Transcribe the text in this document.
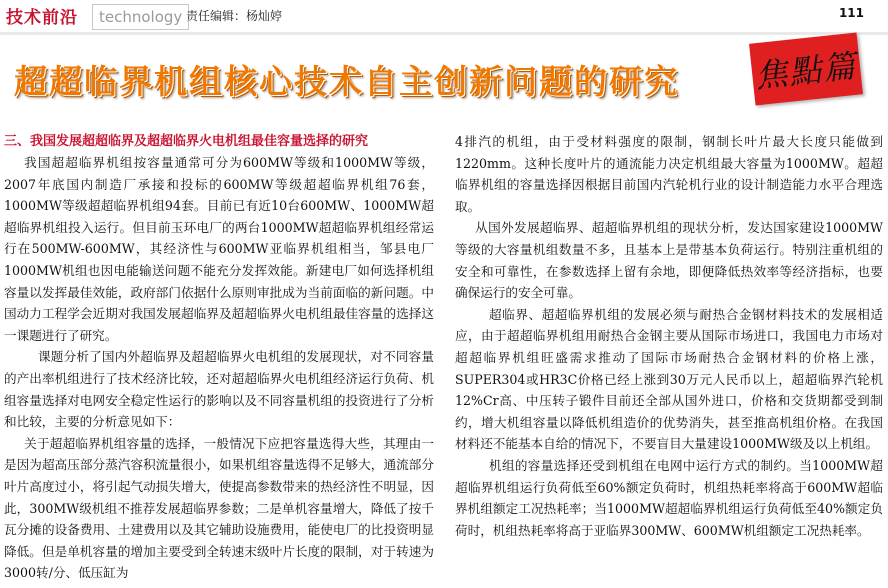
技术前沿	technology 责任编辑：杨灿婷	111
超超临界机组核心技术自主创新问题的研究 焦點篇

三、我国发展超超临界及超超临界火电机组最佳容量选择的研究

我国超超临界机组按容量通常可分为600MW等级和1000MW等级，2007年底国内制造厂承接和投标的600MW等级超超临界机组76套，1000MW等级超超临界机组94套。目前已有近10台600MW、1000MW超超临界机组投入运行。但目前玉环电厂的两台1000MW超超临界机组经常运行在500MW-600MW，其经济性与600MW亚临界机组相当，邹县电厂1000MW机组也因电能输送问题不能充分发挥效能。新建电厂如何选择机组容量以发挥最佳效能，政府部门依据什么原则审批成为当前面临的新问题。中国动力工程学会近期对我国发展超临界及超超临界火电机组最佳容量的选择这一课题进行了研究。

课题分析了国内外超临界及超超临界火电机组的发展现状，对不同容量的产出率机组进行了技术经济比较，还对超超临界火电机组经济运行负荷、机组容量选择对电网安全稳定性运行的影响以及不同容量机组的投资进行了分析和比较，主要的分析意见如下：

关于超超临界机组容量的选择，一般情况下应把容量选得大些，其理由一是因为超高压部分蒸汽容积流量很小，如果机组容量选得不足够大，通流部分叶片高度过小，将引起气动损失增大，使提高参数带来的热经济性不明显，因此，300MW级机组不推荐发展超临界参数；二是单机容量增大，降低了按千瓦分摊的设备费用、土建费用以及其它辅助设施费用，能使电厂的比投资明显降低。但是单机容量的增加主要受到全转速末级叶片长度的限制，对于转速为3000转/分、低压缸为

4排汽的机组，由于受材料强度的限制，钢制长叶片最大长度只能做到1220mm。这种长度叶片的通流能力决定机组最大容量为1000MW。超超临界机组的容量选择因根据目前国内汽轮机行业的设计制造能力水平合理选取。

从国外发展超临界、超超临界机组的现状分析，发达国家建设1000MW等级的大容量机组数量不多，且基本上是带基本负荷运行。特别注重机组的安全和可靠性，在参数选择上留有余地，即便降低热效率等经济指标，也要确保运行的安全可靠。

超临界、超超临界机组的发展必须与耐热合金钢材料技术的发展相适应，由于超超临界机组用耐热合金钢主要从国际市场进口，我国电力市场对超超临界机组旺盛需求推动了国际市场耐热合金钢材料的价格上涨，SUPER304或HR3C价格已经上涨到30万元人民币以上，超超临界汽轮机12%Cr高、中压转子锻件目前还全部从国外进口，价格和交货期都受到制约，增大机组容量以降低机组造价的优势消失，甚至推高机组价格。在我国材料还不能基本自给的情况下，不要盲目大量建设1000MW级及以上机组。

机组的容量选择还受到机组在电网中运行方式的制约。当1000MW超超临界机组运行负荷低至60%额定负荷时，机组热耗率将高于600MW超临界机组额定工况热耗率；当1000MW超超临界机组运行负荷低至40%额定负荷时，机组热耗率将高于亚临界300MW、600MW机组额定工况热耗率。
